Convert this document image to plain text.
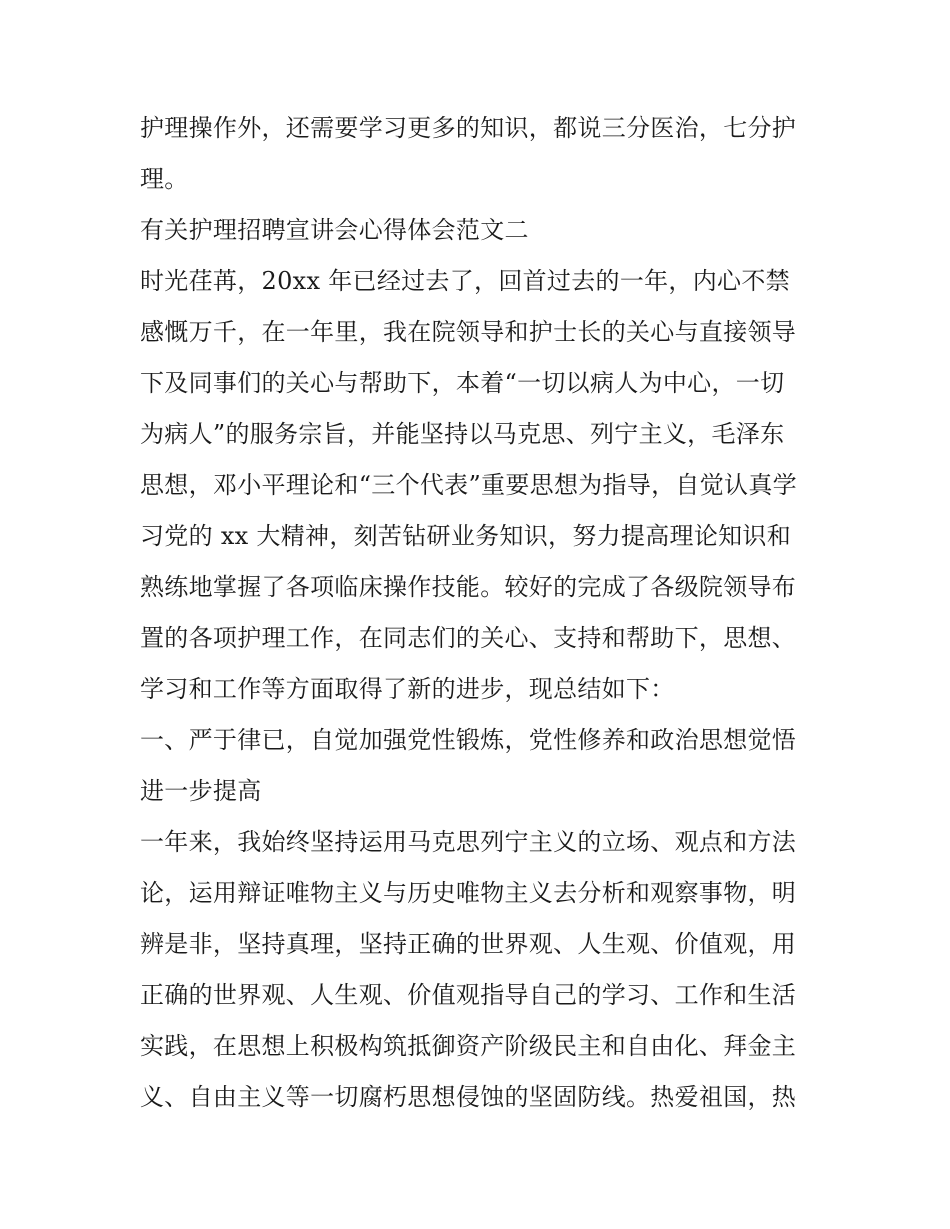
护理操作外，还需要学习更多的知识，都说三分医治，七分护
理。
有关护理招聘宣讲会心得体会范文二
时光荏苒，20xx 年已经过去了，回首过去的一年，内心不禁
感慨万千，在一年里，我在院领导和护士长的关心与直接领导
下及同事们的关心与帮助下，本着“一切以病人为中心，一切
为病人”的服务宗旨，并能坚持以马克思、列宁主义，毛泽东
思想，邓小平理论和“三个代表”重要思想为指导，自觉认真学
习党的 xx 大精神，刻苦钻研业务知识，努力提高理论知识和
熟练地掌握了各项临床操作技能。较好的完成了各级院领导布
置的各项护理工作，在同志们的关心、支持和帮助下，思想、
学习和工作等方面取得了新的进步，现总结如下：
一、严于律已，自觉加强党性锻炼，党性修养和政治思想觉悟
进一步提高
一年来，我始终坚持运用马克思列宁主义的立场、观点和方法
论，运用辩证唯物主义与历史唯物主义去分析和观察事物，明
辨是非，坚持真理，坚持正确的世界观、人生观、价值观，用
正确的世界观、人生观、价值观指导自己的学习、工作和生活
实践，在思想上积极构筑抵御资产阶级民主和自由化、拜金主
义、自由主义等一切腐朽思想侵蚀的坚固防线。热爱祖国，热
